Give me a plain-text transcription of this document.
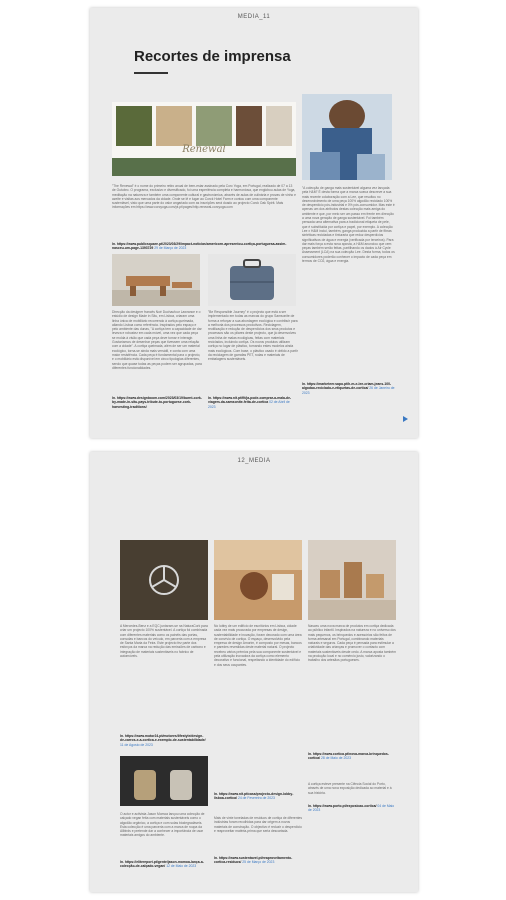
MEDIA_11
Recortes de imprensa
Renewal

"The Renewal" é o nome do primeiro retiro anual de bem-estar assinado pela Corc Yoga, em Portugal, realizado de 07 a 13 de Outubro. O programa, exclusivo e diversificado, foi uma esperiência completa e harmoniosa, que englobou aulas de Yoga, meditação na natureza e também uma componente cultural e gastronómica, através de aulas de culinária e provas de vinho e azeite e visitas aos mercados da cidade. Onde se lê e lugar ao Corck Hotel Farm e contou com uma componente sustentável, visto que uma parte do valor angariado com as inscrições será doado ao projecto Corck Oak Spirit. Mais informações em https://www.corcyoga.com/pt-pt/pages/http-renewal-corcyoga.com

In. https://www.publicsquare.pt/2023/03/29/impact-noticias/americorn-apresentou-cortiça-portuguesa-assim-nasceu-um-page-1393729 29 de Março de 2023

"A colecção de ganga mais sustentável alguma vez lançada pela H&M" É desta forma que a marca sueca descreve a sua mais recente colaboração com a Lee, que resultou no desenvolvimento de uma peça 100% algodão reciclado 100% de desperdício pós-industrial e 0% pós-consumidor. Mas este é apenas um dos atributos destas colecção mais amiga do ambiente e que, por meio ser um passo em frente em direcção a uma nova geração de ganga sustentável. Foi também pensada uma alternativa para a tradicional etiqueta de pele, que é substituída por cortiça e papel, por exemplo. A colecção Lee x H&M inclui, também, ganga produzida a partir de fibras sintéticas recicladas e tinturaria que reduz desperdícios significativos de água e energia (verificada por terceiros). Para dar mais força a esta nova aposta, a H&M anunciou que cem peças também serão feitas, partilhando os dados à Air Cycle Assessment (LCA) na sua colecção Lee. Desta forma, todos os consumidores poderão conhecer o impacto de cada peça em termos de CO2, água e energia.

In. https://marketeer.sapo.pt/h-m-e-lee-criam-jeans-100-algodao-reciclado-e-etiquetas-de-cortica/ 26 de Janeiro de 2023

Direcção da designer francês Noé Duchaufour Lawrance e o estúdio de design Made in Situ, em Lisboa, criaram uma linha única de mobiliário recorrendo à cortiça queimada, aliando Lisboa como referência. Inspirados pelo espaço e pelo ambiente das dunas, "A cortiça tem a capacidade de dar leveza e robustez em cada móvel, uma vez que cada peça se molda à visão que cada peça deve tomar e interagir. Gostaríamos de desenhar peças que tivessem uma relação com a cidade". A cortiça queimada, além de ser um material ecológico, torna-se ainda mais versátil, e conta com uma maior resistência. Cada peça é fundamental para o projecto, e o mobiliário está disponível em cinco tipologias diferentes, sendo que quase todas as peças podem ser agrupadas, para diferentes funcionalidades.

In. https://www.designboom.com/2023/03/19/burnt-cork-by-made-in-situ-pays-tribute-to-portuguese-cork-harvesting-traditions/

"Be Responsible Journey" é o projecto que está a ser implementado em todas as marcas do grupo Samsonite de forma a reforçar a sua abordagem ecológica e contribuir para a melhoria dos processos produtivos. Reciclagem, reutilização e redução de desperdícios dos seus produtos e processos são os pilares deste projecto, que já desenvolveu uma linha de malas ecológicas, feitas com materiais reciclados, incluindo cortiça. Os novos produtos utilizam cortiça no lugar de plástico, tornando estes modelos ainda mais ecológicos. Com base, o plástico usado é obtido a partir da reciclagem de garrafas PET, rodas e materiais de embalagens sustentáveis.

In. https://www.nit.pt/fit/ja-pode-comprar-a-mala-de-viagem-da-samsonite-feita-de-cortica 02 de Abril de 2023
12_MEDIA

A Mercedes-Benz e a EQC juntaram-se na NaturaCork para criar um projecto 100% sustentável. A cortiça foi combinada com diferentes materiais como os painéis das portas, consolas e bancos do veículo, em parceria com a empresa de Santa Maria da Feira. Este projecto fez parte dos esforços da marca na redução das emissões de carbono e integração de materiais sustentáveis no fabrico de automóveis.

In. https://www.motor24.pt/motores/lifestyle/design-de-carros-e-a-cortica-e-exemplo-de-sustentabilidade/ 11 de Agosto de 2023

O actor e activista Jason Momoa lançou uma colecção de calçado vegan feita com materiais sustentáveis como o algodão orgânico, a cortiça e com solas biodegradáveis. Esta colecção é uma parceria com a marca de roupa da Allbirds e pretende dar a conhecer a importância de usar materiais amigos do ambiente.

In. https://elitereport.pt/gente/jason-momoa-lança-a-colecção-de-calçado-vegan/ 12 de Maio de 2023

No lobby de um edifício de escritórios em Lisboa, cidade cada vez mais procurada por empresas de design, sustentabilidade e inovação, foram decorado com uma área de convívio de cortiça. O espaço, desenvolvido pela empresa de design Amorim, é composto por mesas, bancos e paredes revestidas deste material natural. O projecto recebeu vários prémios pela sua componente sustentável e pela utilização inovadora da cortiça como elemento decorativo e funcional, respeitando a identidade do edifício e dos seus ocupantes.

In. https://www.nit.pt/casa/projecto-design-lobby-lisboa-cortica/ 24 de Fevereiro de 2023

Mais de vinte toneladas de resíduos de cortiça de diferentes indústrias foram recolhidas para dar origem a novos materiais de construção. O objectivo é reduzir o desperdício e reaproveitar matéria-prima que seria descartada.

In. https://www.sustentavel.pt/reaproveitamento-cortica-residuos/ 25 de Março de 2023

Nasceu uma nova marca de produtos em cortiça dedicada ao público infantil. Inspirados na natureza e no universo dos mais pequenos, os brinquedos e acessórios são feitos de forma artesanal em Portugal, combinando materiais naturais e seguros. Cada peça é pensada para estimular a criatividade das crianças e promover o contacto com materiais sustentáveis desde cedo. A marca aposta também na produção local e no comércio justo, valorizando o trabalho dos artesãos portugueses.

In. https://www.cortica.pt/nova-marca-brinquedos-cortica/ 28 de Maio de 2023

A cortiça esteve presente na Ciência Social do Porto, através de uma nova exposição dedicada ao material e à sua história.

In. https://www.porto.pt/exposicao-cortica/ 04 de Maio de 2023
